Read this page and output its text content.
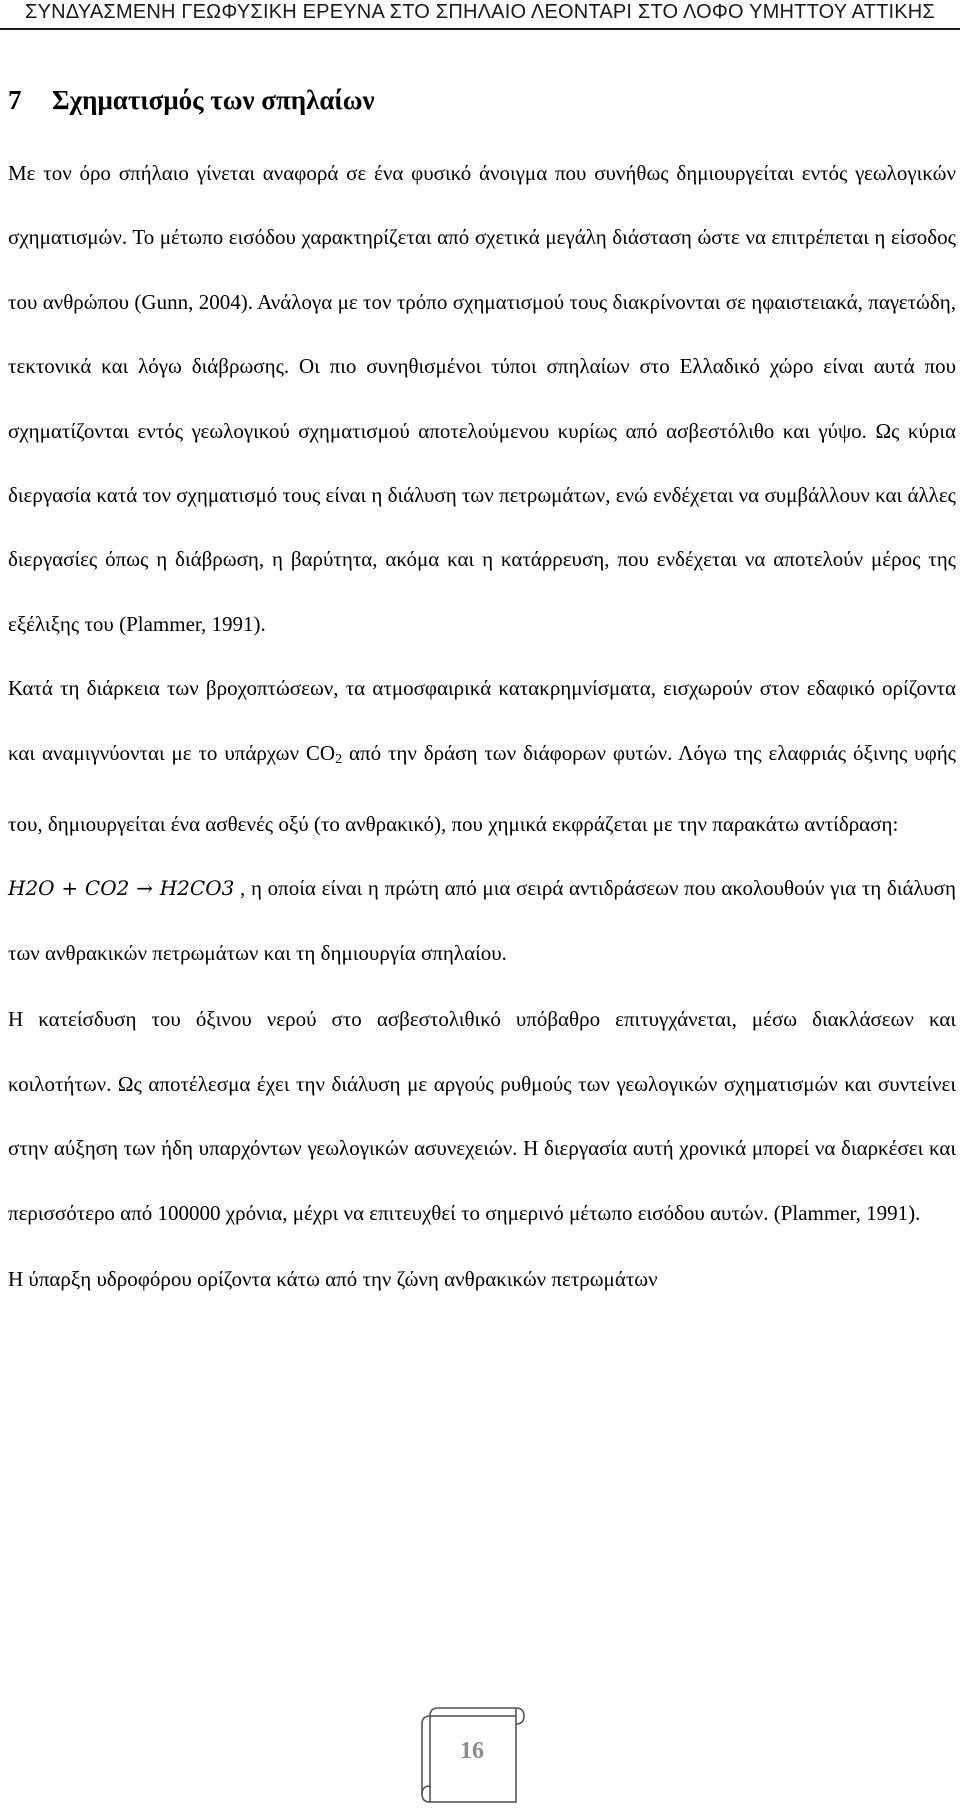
ΣΥΝΔΥΑΣΜΕΝΗ ΓΕΩΦΥΣΙΚΗ ΕΡΕΥΝΑ ΣΤΟ ΣΠΗΛΑΙΟ ΛΕΟΝΤΑΡΙ ΣΤΟ ΛΟΦΟ ΥΜΗΤΤΟΥ ΑΤΤΙΚΗΣ
7 Σχηματισμός των σπηλαίων

Με τον όρο σπήλαιο γίνεται αναφορά σε ένα φυσικό άνοιγμα που συνήθως δημιουργείται εντός γεωλογικών σχηματισμών. Το μέτωπο εισόδου χαρακτηρίζεται από σχετικά μεγάλη διάσταση ώστε να επιτρέπεται η είσοδος του ανθρώπου (Gunn, 2004). Ανάλογα με τον τρόπο σχηματισμού τους διακρίνονται σε ηφαιστειακά, παγετώδη, τεκτονικά και λόγω διάβρωσης. Οι πιο συνηθισμένοι τύποι σπηλαίων στο Ελλαδικό χώρο είναι αυτά που σχηματίζονται εντός γεωλογικού σχηματισμού αποτελούμενου κυρίως από ασβεστόλιθο και γύψο. Ως κύρια διεργασία κατά τον σχηματισμό τους είναι η διάλυση των πετρωμάτων, ενώ ενδέχεται να συμβάλλουν και άλλες διεργασίες όπως η διάβρωση, η βαρύτητα, ακόμα και η κατάρρευση, που ενδέχεται να αποτελούν μέρος της εξέλιξης του (Plammer, 1991).

Κατά τη διάρκεια των βροχοπτώσεων, τα ατμοσφαιρικά κατακρημνίσματα, εισχωρούν στον εδαφικό ορίζοντα και αναμιγνύονται με το υπάρχων $CO_2$ από την δράση των διάφορων φυτών. Λόγω της ελαφριάς όξινης υφής του, δημιουργείται ένα ασθενές οξύ (το ανθρακικό), που χημικά εκφράζεται με την παρακάτω αντίδραση:

𝐻2𝑂 + 𝐶𝑂2 → 𝐻2𝐶𝑂3 , η οποία είναι η πρώτη από μια σειρά αντιδράσεων που ακολουθούν για τη διάλυση των ανθρακικών πετρωμάτων και τη δημιουργία σπηλαίου.

Η κατείσδυση του όξινου νερού στο ασβεστολιθικό υπόβαθρο επιτυγχάνεται, μέσω διακλάσεων και κοιλοτήτων. Ως αποτέλεσμα έχει την διάλυση με αργούς ρυθμούς των γεωλογικών σχηματισμών και συντείνει στην αύξηση των ήδη υπαρχόντων γεωλογικών ασυνεχειών. Η διεργασία αυτή χρονικά μπορεί να διαρκέσει και περισσότερο από 100000 χρόνια, μέχρι να επιτευχθεί το σημερινό μέτωπο εισόδου αυτών. (Plammer, 1991).

Η ύπαρξη υδροφόρου ορίζοντα κάτω από την ζώνη ανθρακικών πετρωμάτων

16
